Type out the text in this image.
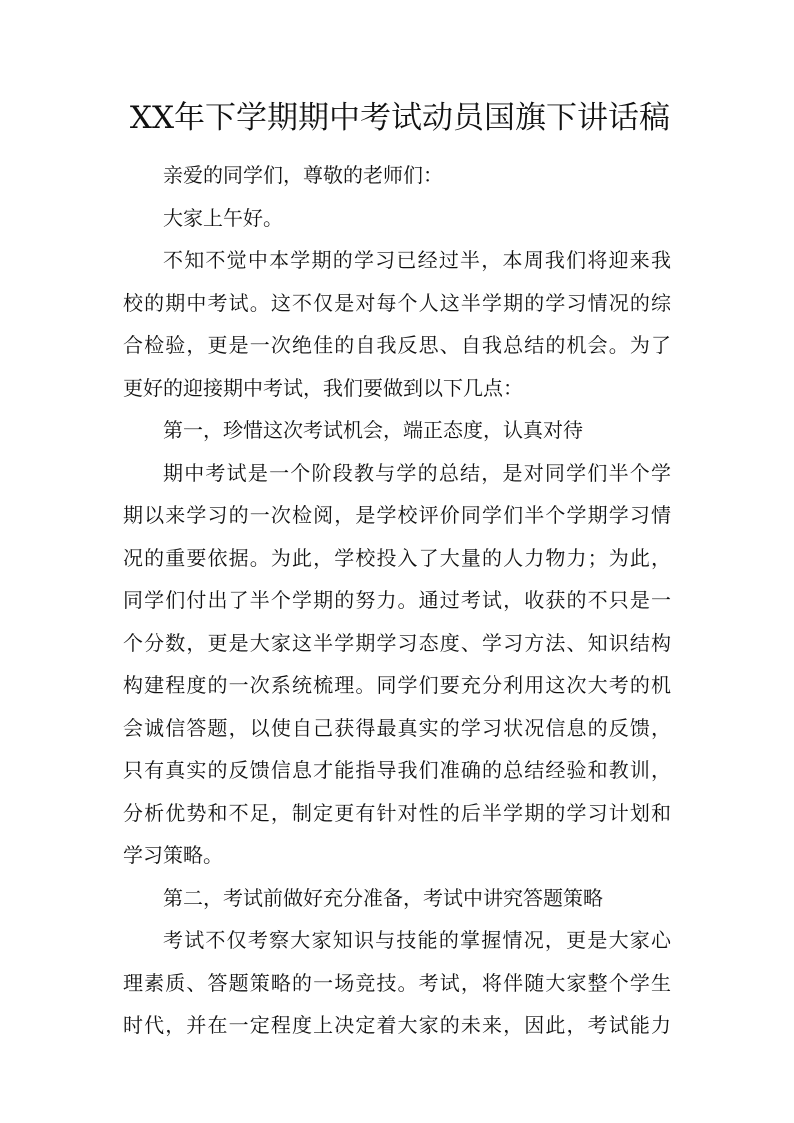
XX年下学期期中考试动员国旗下讲话稿
亲爱的同学们，尊敬的老师们：
大家上午好。
不知不觉中本学期的学习已经过半，本周我们将迎来我
校的期中考试。这不仅是对每个人这半学期的学习情况的综
合检验，更是一次绝佳的自我反思、自我总结的机会。为了
更好的迎接期中考试，我们要做到以下几点：
第一，珍惜这次考试机会，端正态度，认真对待
期中考试是一个阶段教与学的总结，是对同学们半个学
期以来学习的一次检阅，是学校评价同学们半个学期学习情
况的重要依据。为此，学校投入了大量的人力物力；为此，
同学们付出了半个学期的努力。通过考试，收获的不只是一
个分数，更是大家这半学期学习态度、学习方法、知识结构
构建程度的一次系统梳理。同学们要充分利用这次大考的机
会诚信答题，以使自己获得最真实的学习状况信息的反馈，
只有真实的反馈信息才能指导我们准确的总结经验和教训，
分析优势和不足，制定更有针对性的后半学期的学习计划和
学习策略。
第二，考试前做好充分准备，考试中讲究答题策略
考试不仅考察大家知识与技能的掌握情况，更是大家心
理素质、答题策略的一场竞技。考试，将伴随大家整个学生
时代，并在一定程度上决定着大家的未来，因此，考试能力
